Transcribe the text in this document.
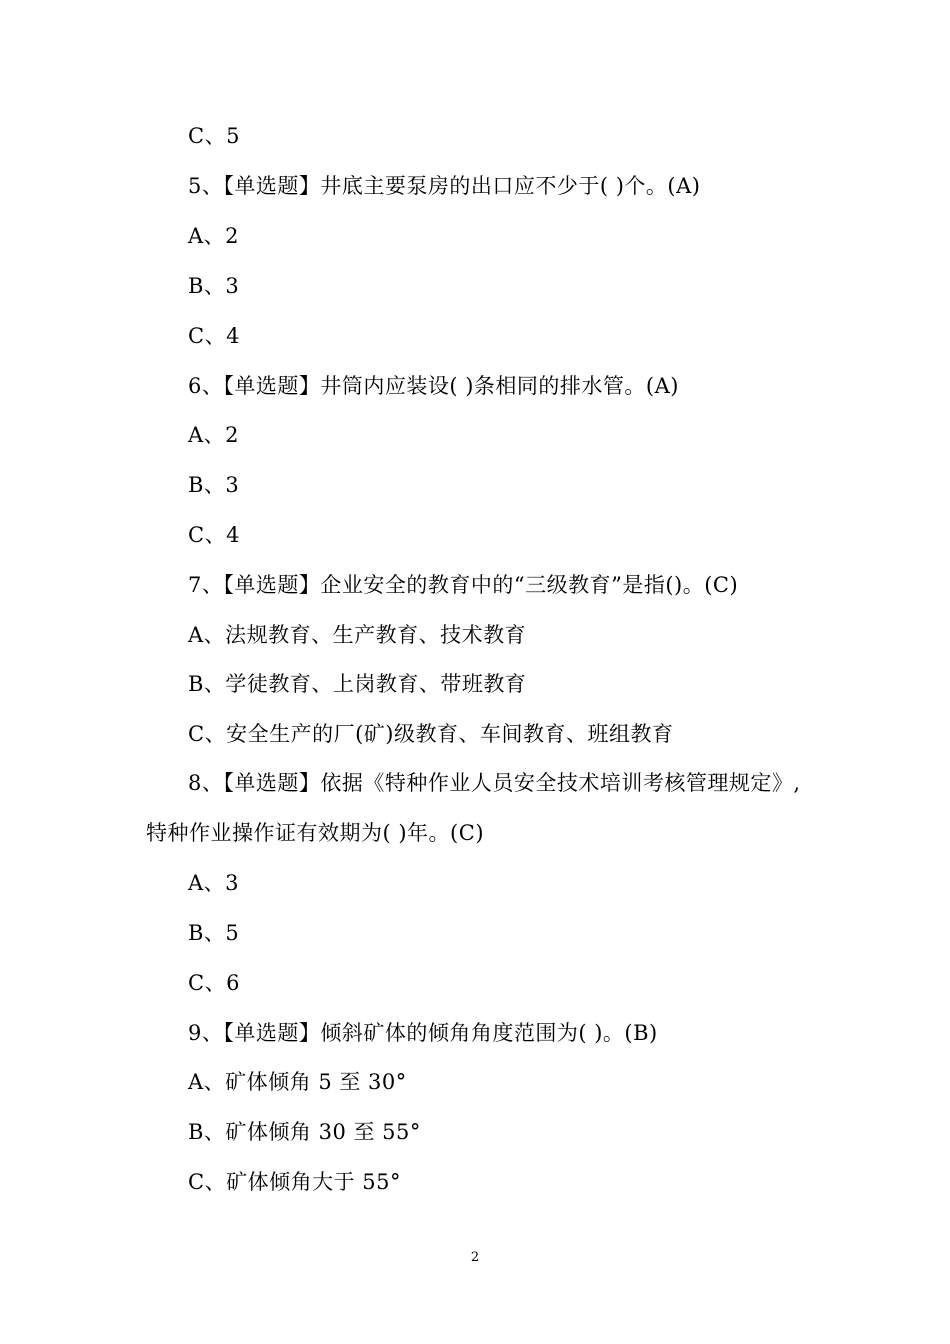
C、5
5、【单选题】井底主要泵房的出口应不少于( )个。(A)
A、2
B、3
C、4
6、【单选题】井筒内应装设( )条相同的排水管。(A)
A、2
B、3
C、4
7、【单选题】企业安全的教育中的“三级教育”是指()。(C)
A、法规教育、生产教育、技术教育
B、学徒教育、上岗教育、带班教育
C、安全生产的厂(矿)级教育、车间教育、班组教育
8、【单选题】依据《特种作业人员安全技术培训考核管理规定》,
特种作业操作证有效期为( )年。(C)
A、3
B、5
C、6
9、【单选题】倾斜矿体的倾角角度范围为( )。(B)
A、矿体倾角 5 至 30°
B、矿体倾角 30 至 55°
C、矿体倾角大于 55°
2
